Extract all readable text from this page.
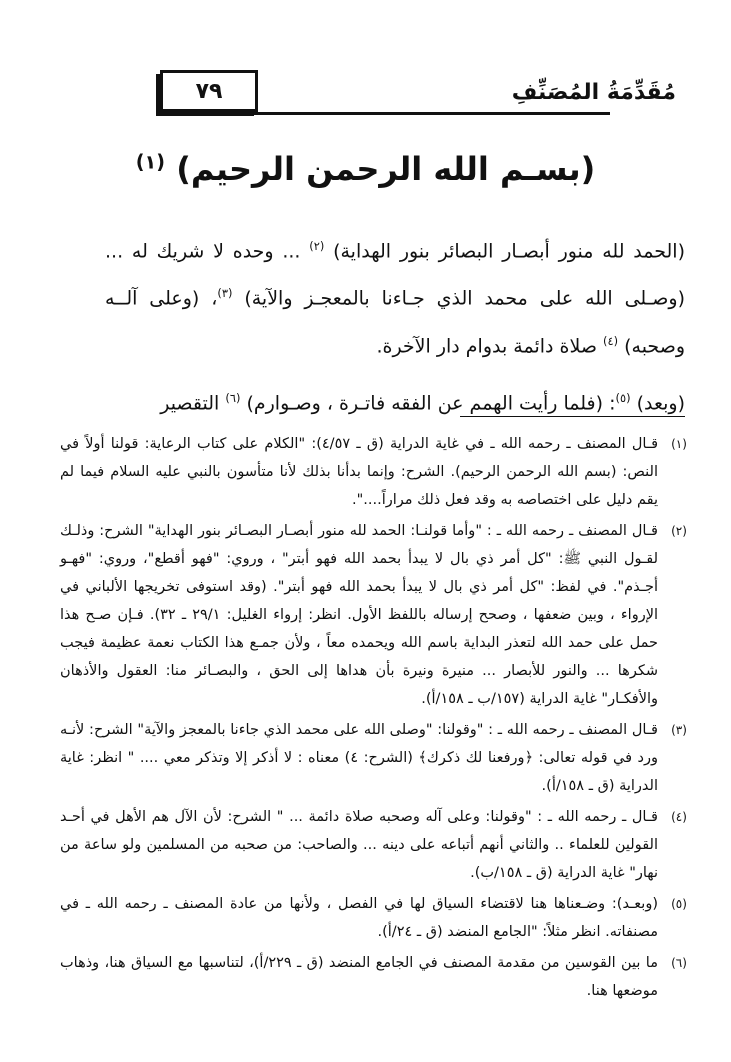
٧٩	مُقَدِّمَةُ المُصَنِّفِ
(بسـم الله الرحمن الرحيم) $^{(١)}$

(الحمد لله منور أبصـار البصائر بنور الهداية) $^{(٢)}$ ... وحده لا شريك له ... (وصـلى الله على محمد الذي جـاءنا بالمعجـز والآية) $^{(٣)}$، (وعلى آلــه وصحبه) $^{(٤)}$ صلاة دائمة بدوام دار الآخرة.

(وبعد) $^{(٥)}$: (فلما رأيت الهمم عن الفقه فاتـرة ، وصـوارم) $^{(٦)}$ التقصير

(١)
قـال المصنف ـ رحمه الله ـ في غاية الدراية (ق ـ ٤/٥٧): "الكلام على كتاب الرعاية: قولنا أولاً في النص: (بسم الله الرحمن الرحيم). الشرح: وإنما بدأنا بذلك لأنا متأسون بالنبي عليه السلام فيما لم يقم دليل على اختصاصه به وقد فعل ذلك مراراً....".
(٢)
قـال المصنف ـ رحمه الله ـ : "وأما قولنـا: الحمد لله منور أبصـار البصـائر بنور الهداية" الشرح: وذلـك لقـول النبي ﷺ: "كل أمر ذي بال لا يبدأ بحمد الله فهو أبتر" ، وروي: "فهو أقطع"، وروي: "فهـو أجـذم". في لفظ: "كل أمر ذي بال لا يبدأ بحمد الله فهو أبتر". (وقد استوفى تخريجها الألباني في الإرواء ، وبين ضعفها ، وصحح إرساله باللفظ الأول. انظر: إرواء الغليل: ٢٩/١ ـ ٣٢). فـإن صـح هذا حمل على حمد الله لتعذر البداية باسم الله ويحمده معاً ، ولأن جمـع هذا الكتاب نعمة عظيمة فيجب شكرها ... والنور للأبصار ... منيرة ونيرة بأن هداها إلى الحق ، والبصـائر منا: العقول والأذهان والأفكـار" غاية الدراية (١٥٧/ب ـ ١٥٨/أ).
(٣)
قـال المصنف ـ رحمه الله ـ : "وقولنا: "وصلى الله على محمد الذي جاءنا بالمعجز والآية" الشرح: لأنـه ورد في قوله تعالى: ﴿ورفعنا لك ذكرك﴾ (الشرح: ٤) معناه : لا أذكر إلا وتذكر معي .... " انظر: غاية الدراية (ق ـ ١٥٨/أ).
(٤)
قـال ـ رحمه الله ـ : "وقولنا: وعلى آله وصحبه صلاة دائمة ... " الشرح: لأن الآل هم الأهل في أحـد القولين للعلماء .. والثاني أنهم أتباعه على دينه ... والصاحب: من صحبه من المسلمين ولو ساعة من نهار" غاية الدراية (ق ـ ١٥٨/ب).
(٥)
(وبعـد): وضـعناها هنا لاقتضاء السياق لها في الفصل ، ولأنها من عادة المصنف ـ رحمه الله ـ في مصنفاته. انظر مثلاً: "الجامع المنضد (ق ـ ٢٤/أ).
(٦)
ما بين القوسين من مقدمة المصنف في الجامع المنضد (ق ـ ٢٢٩/أ)، لتناسبها مع السياق هنا، وذهاب موضعها هنا.
